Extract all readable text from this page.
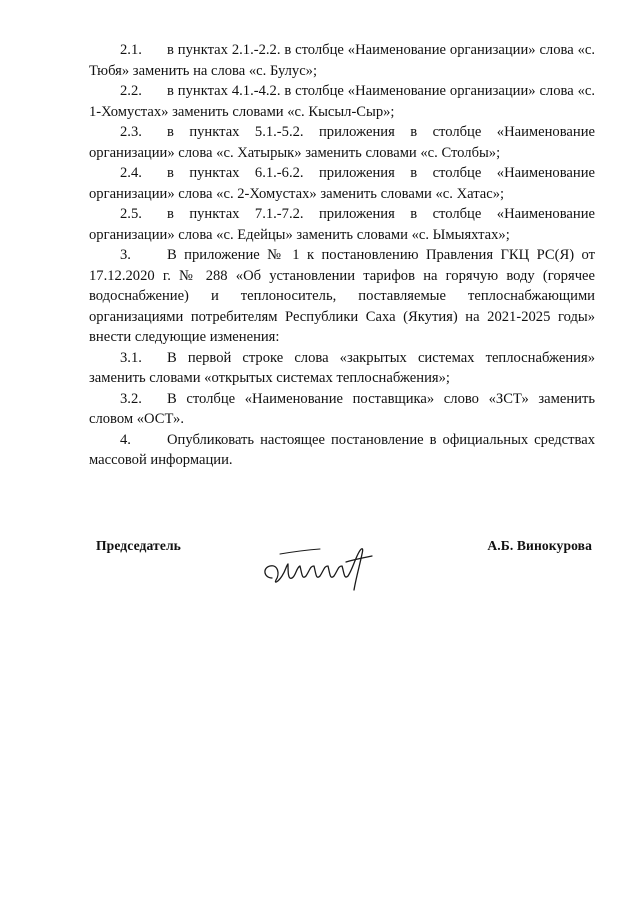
2.1.	в пунктах 2.1.-2.2. в столбце «Наименование организации» слова «с. Тюбя» заменить на слова «с. Булус»;

2.2.	в пунктах 4.1.-4.2. в столбце «Наименование организации» слова «с. 1-Хомустах» заменить словами «с. Кысыл-Сыр»;

2.3.	в пунктах 5.1.-5.2. приложения в столбце «Наименование организации» слова «с. Хатырык» заменить словами «с. Столбы»;

2.4.	в пунктах 6.1.-6.2. приложения в столбце «Наименование организации» слова «с. 2-Хомустах» заменить словами «с. Хатас»;

2.5.	в пунктах 7.1.-7.2. приложения в столбце «Наименование организации» слова «с. Едейцы» заменить словами «с. Ымыяхтах»;

3.	В приложение № 1 к постановлению Правления ГКЦ РС(Я) от 17.12.2020 г. № 288 «Об установлении тарифов на горячую воду (горячее водоснабжение) и теплоноситель, поставляемые теплоснабжающими организациями потребителям Республики Саха (Якутия) на 2021-2025 годы» внести следующие изменения:

3.1.	В первой строке слова «закрытых системах теплоснабжения» заменить словами «открытых системах теплоснабжения»;

3.2.	В столбце «Наименование поставщика» слово «ЗСТ» заменить словом «ОСТ».

4.	Опубликовать настоящее постановление в официальных средствах массовой информации.

Председатель	А.Б. Винокурова
